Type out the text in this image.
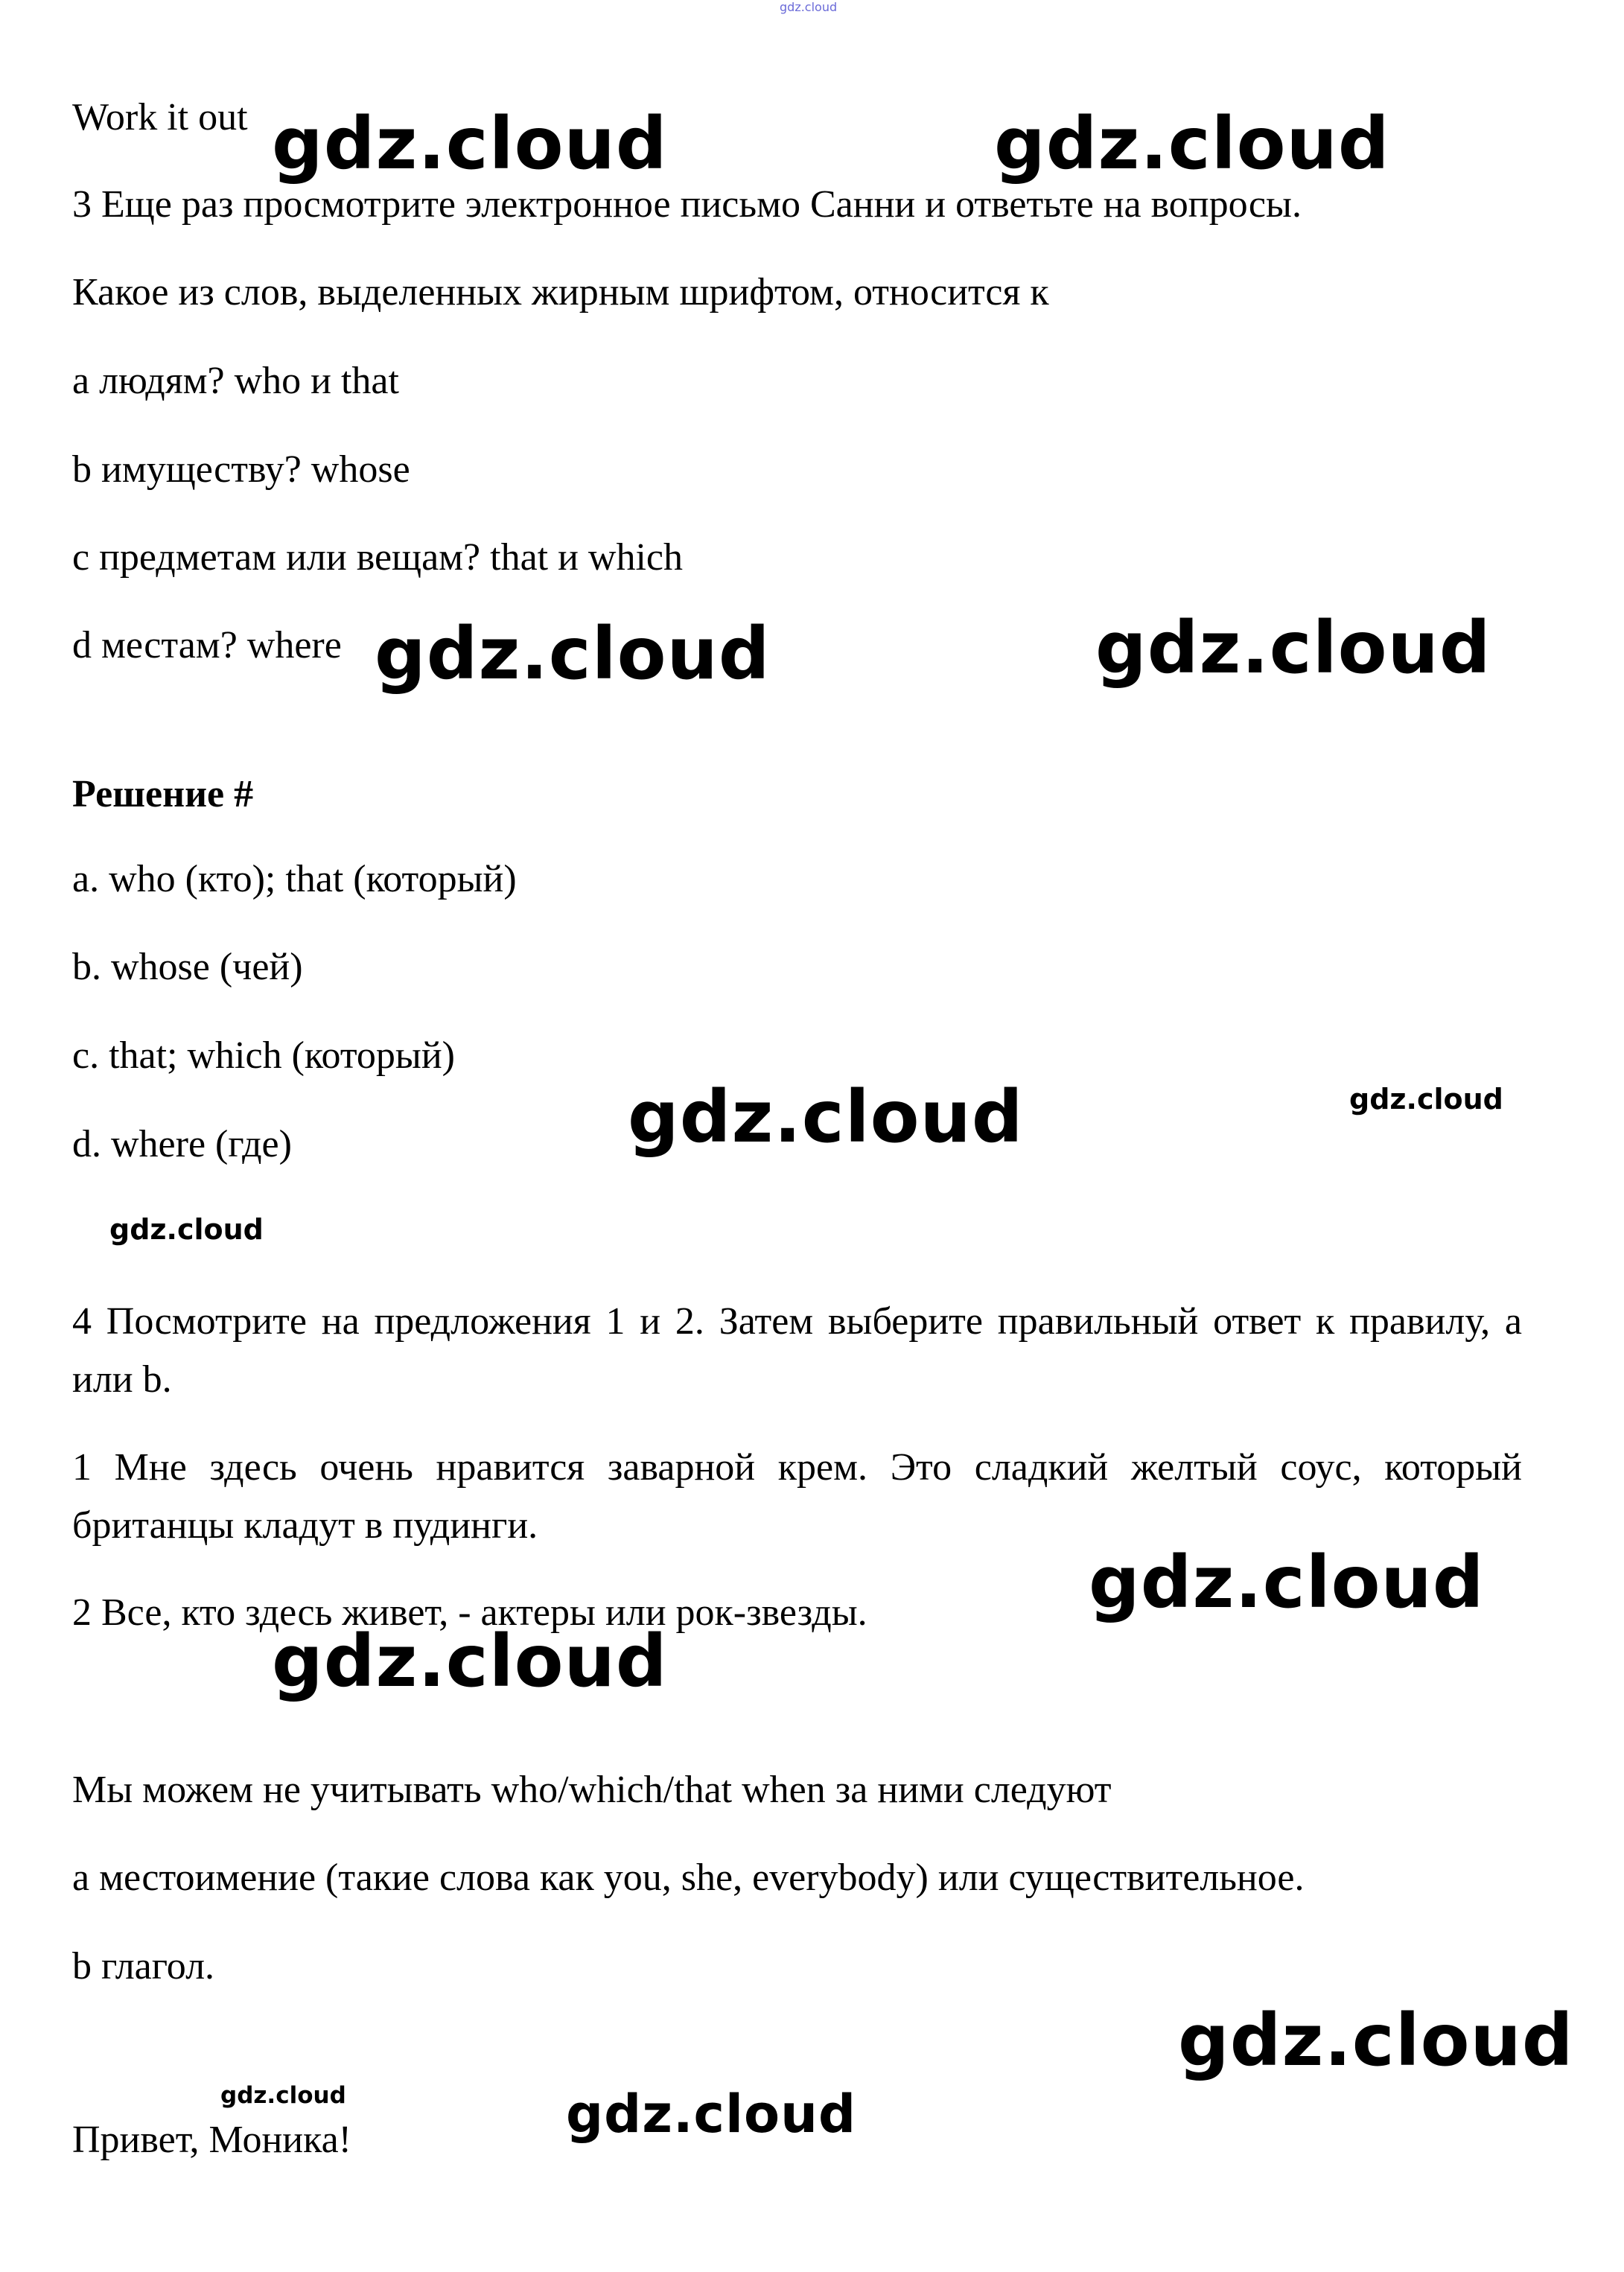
gdz.cloud

Work it out

3 Еще раз просмотрите электронное письмо Санни и ответьте на вопросы.

Какое из слов, выделенных жирным шрифтом, относится к

a людям? who и that

b имуществу? whose

c предметам или вещам? that и which

d местам? where

Решение #

a. who (кто); that (который)

b. whose (чей)

c. that; which (который)

d. where (где)

4 Посмотрите на предложения 1 и 2. Затем выберите правильный ответ к правилу, a или b.

1 Мне здесь очень нравится заварной крем. Это сладкий желтый соус, который британцы кладут в пудинги.

2 Все, кто здесь живет, - актеры или рок-звезды.

Мы можем не учитывать who/which/that when за ними следуют

a местоимение (такие слова как you, she, everybody) или существительное.

b глагол.

Привет, Моника!

gdz.cloud	gdz.cloud
gdz.cloud	gdz.cloud
gdz.cloud	gdz.cloud
gdz.cloud
gdz.cloud
gdz.cloud
gdz.cloud
gdz.cloud	gdz.cloud
